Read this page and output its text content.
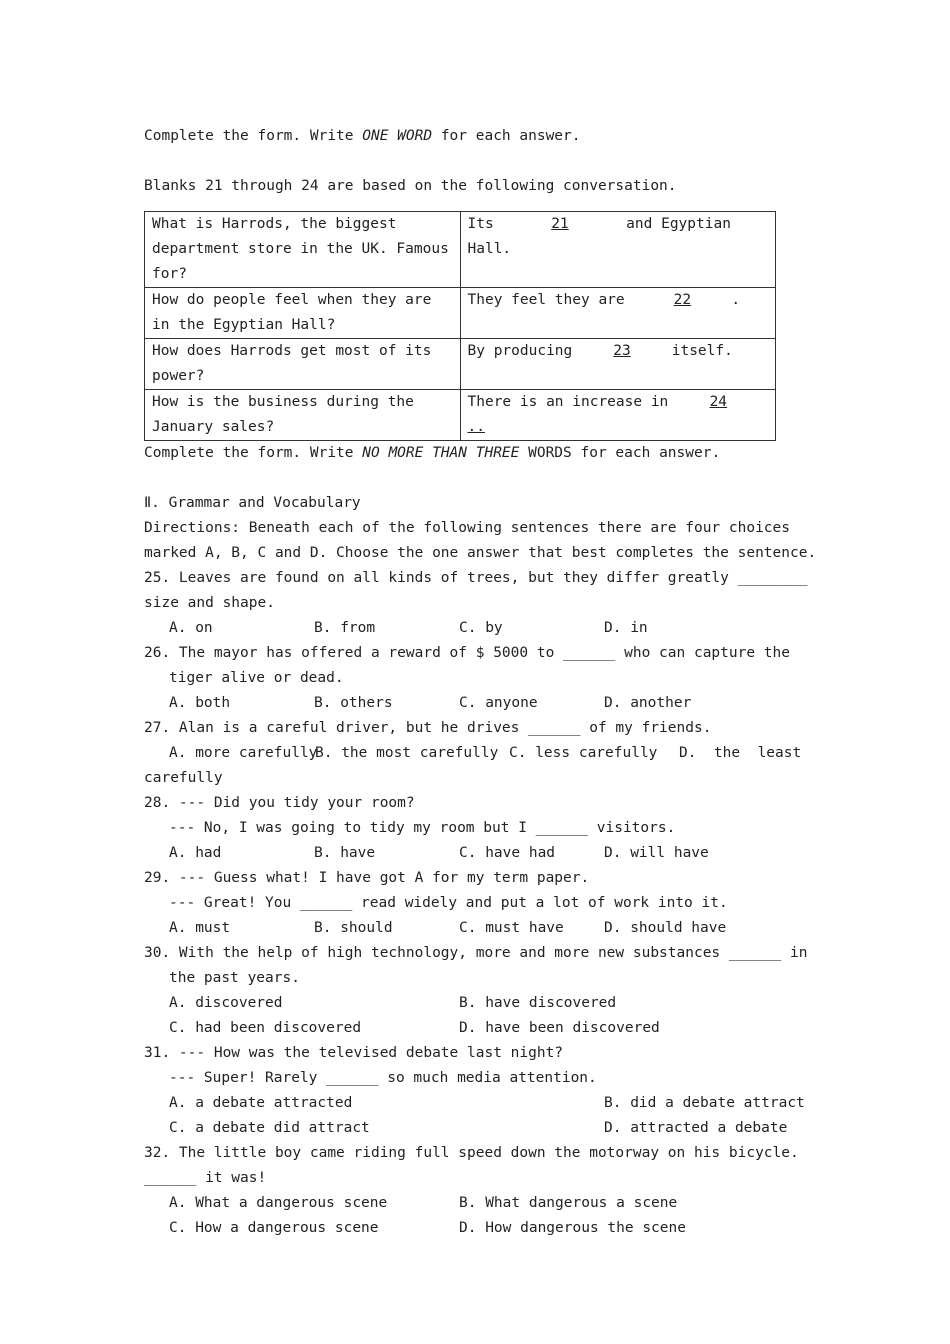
Complete the form. Write ONE WORD for each answer.
Blanks 21 through 24 are based on the following conversation.
What is Harrods, the biggest department store in the UK. Famous for?	Its 21 and Egyptian Hall.
How do people feel when they are in the Egyptian Hall?	They feel they are 22 .
How does Harrods get most of its power?	By producing 23 itself.
How is the business during the January sales?	There is an increase in 24
..
Complete the form. Write NO MORE THAN THREE WORDS for each answer.
Ⅱ. Grammar and Vocabulary
Directions: Beneath each of the following sentences there are four choices
marked A, B, C and D. Choose the one answer that best completes the sentence.
25. Leaves are found on all kinds of trees, but they differ greatly ________
size and shape.
A. on	B. from	C. by	D. in
26. The mayor has offered a reward of $ 5000 to ______ who can capture the
tiger alive or dead.
A. both	B. others	C. anyone	D. another
27. Alan is a careful driver, but he drives ______ of my friends.
A. more carefullyB. the most carefully C. less carefully D.  the  least
carefully
28. --- Did you tidy your room?
--- No, I was going to tidy my room but I ______ visitors.
A. had	B. have	C. have had	D. will have
29. --- Guess what! I have got A for my term paper.
--- Great! You ______ read widely and put a lot of work into it.
A. must	B. should	C. must have	D. should have
30. With the help of high technology, more and more new substances ______ in
the past years.
A. discovered	B. have discovered
C. had been discovered	D. have been discovered
31. --- How was the televised debate last night?
--- Super! Rarely ______ so much media attention.
A. a debate attracted	B. did a debate attract
C. a debate did attract	D. attracted a debate
32. The little boy came riding full speed down the motorway on his bicycle.
______ it was!
A. What a dangerous scene	B. What dangerous a scene
C. How a dangerous scene	D. How dangerous the scene
